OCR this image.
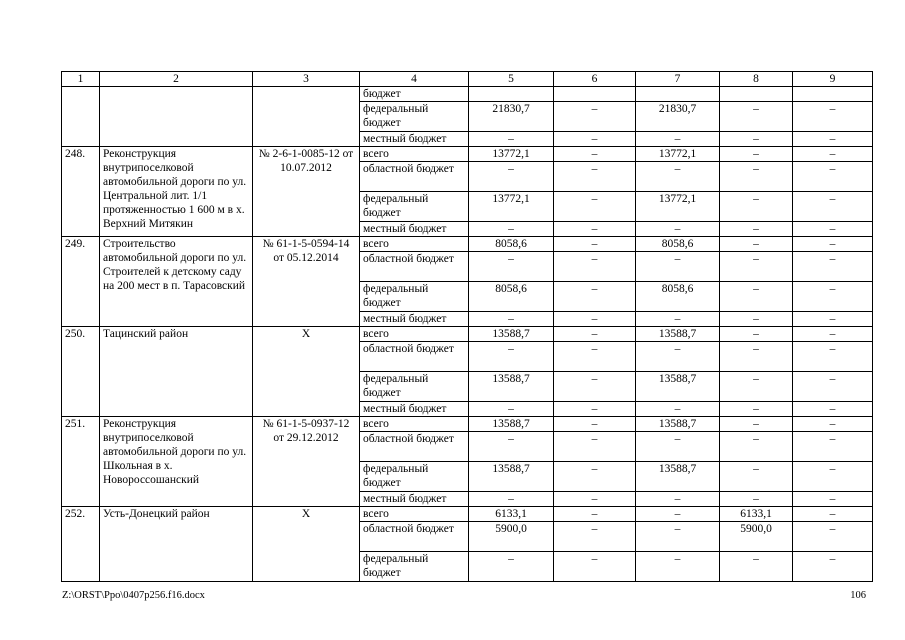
1	2	3	4	5	6	7	8	9
			бюджет					
			федеральный бюджет	21830,7	–	21830,7	–	–
			местный бюджет	–	–	–	–	–
248.	Реконструкция внутрипоселковой автомобильной дороги по ул. Центральной лит. 1/1 протяженностью 1 600 м в х. Верхний Митякин	№ 2-6-1-0085-12 от 10.07.2012	всего	13772,1	–	13772,1	–	–
			областной бюджет	–	–	–	–	–
			федеральный бюджет	13772,1	–	13772,1	–	–
			местный бюджет	–	–	–	–	–
249.	Строительство автомобильной дороги по ул. Строителей к детскому саду на 200 мест в п. Тарасовский	№ 61-1-5-0594-14 от 05.12.2014	всего	8058,6	–	8058,6	–	–
			областной бюджет	–	–	–	–	–
			федеральный бюджет	8058,6	–	8058,6	–	–
			местный бюджет	–	–	–	–	–
250.	Тацинский район	Х	всего	13588,7	–	13588,7	–	–
			областной бюджет	–	–	–	–	–
			федеральный бюджет	13588,7	–	13588,7	–	–
			местный бюджет	–	–	–	–	–
251.	Реконструкция внутрипоселковой автомобильной дороги по ул. Школьная в х. Новороссошанский	№ 61-1-5-0937-12 от 29.12.2012	всего	13588,7	–	13588,7	–	–
			областной бюджет	–	–	–	–	–
			федеральный бюджет	13588,7	–	13588,7	–	–
			местный бюджет	–	–	–	–	–
252.	Усть-Донецкий район	Х	всего	6133,1	–	–	6133,1	–
			областной бюджет	5900,0	–	–	5900,0	–
			федеральный бюджет	–	–	–	–	–
Z:\ORST\Ppo\0407p256.f16.docx	106
